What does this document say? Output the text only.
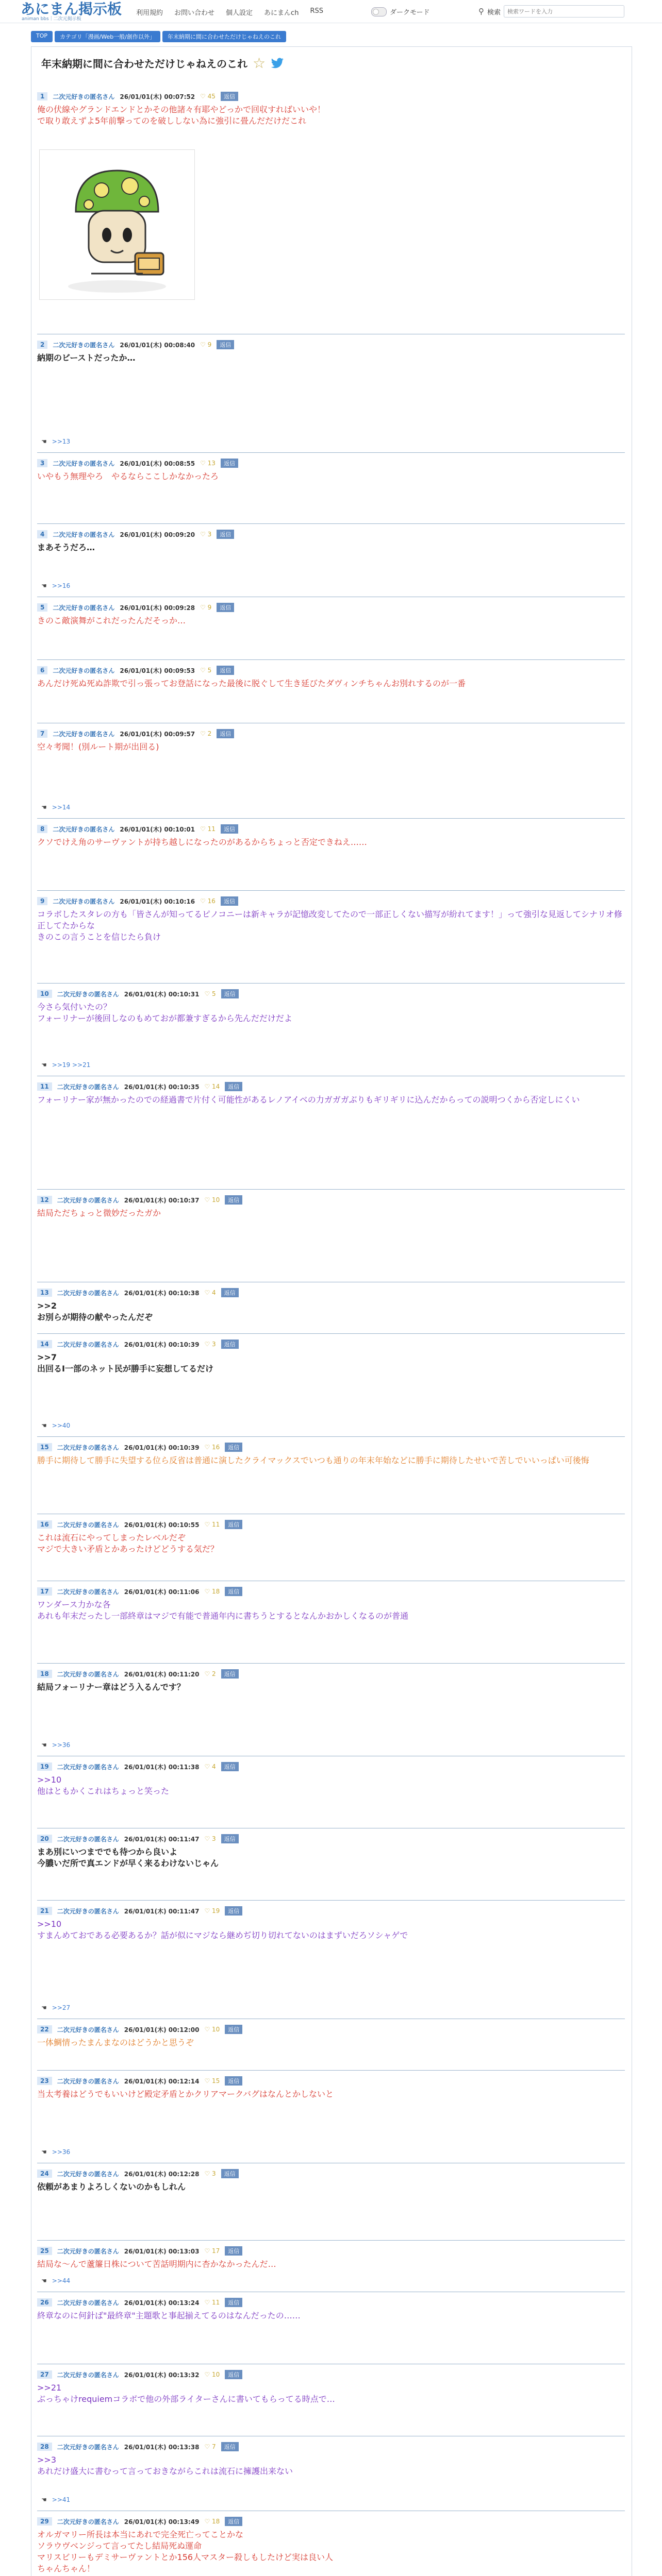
あにまん掲示板
animan bbs｜二次元掲示板
利用規約 お問い合わせ 個人設定 あにまんch RSS	ダークモード	⚲ 検索
検索ワードを入力
TOP	カテゴリ「漫画/Web一般/創作以外」	年末納期に間に合わせただけじゃねえのこれ
年末納期に間に合わせただけじゃねえのこれ ☆
1	二次元好きの匿名さん 26/01/01(木) 00:07:52 ♡ 45	返信
俺の伏線やグランドエンドとかその他諸々有耶やどっかで回収すればいいや！
で取り敢えずよ5年前撃ってのを破ししない為に強引に畳んだだけだこれ
2	二次元好きの匿名さん 26/01/01(木) 00:08:40 ♡ 9	返信
納期のビーストだったか…
☚ >>13
3	二次元好きの匿名さん 26/01/01(木) 00:08:55 ♡ 13	返信
いやもう無理やろ　やるならここしかなかったろ
4	二次元好きの匿名さん 26/01/01(木) 00:09:20 ♡ 3	返信
まあそうだろ…
☚ >>16
5	二次元好きの匿名さん 26/01/01(木) 00:09:28 ♡ 9	返信
きのこ敵演舞がこれだったんだそっか…
6	二次元好きの匿名さん 26/01/01(木) 00:09:53 ♡ 5	返信
あんだけ死ぬ死ぬ詐欺で引っ張ってお登話になった最後に脱ぐして生き延びたダヴィンチちゃんお別れするのが一番
7	二次元好きの匿名さん 26/01/01(木) 00:09:57 ♡ 2	返信
空々考聞！(別ルート期が出回る)
☚ >>14
8	二次元好きの匿名さん 26/01/01(木) 00:10:01 ♡ 11	返信
クソでけえ角のサーヴァントが持ち越しになったのがあるからちょっと否定できねえ……
9	二次元好きの匿名さん 26/01/01(木) 00:10:16 ♡ 16	返信
コラボしたスタレの方も「皆さんが知ってるピノコニーは新キャラが記憶改変してたので一部正しくない描写が紛れてます！」って強引な見返してシナリオ修正してたからな
きのこの言うことを信じたら負け
10	二次元好きの匿名さん 26/01/01(木) 00:10:31 ♡ 5	返信
今さら気付いたの？
フォーリナーが後回しなのもめておが都兼すぎるから先んだだけだよ
☚ >>19 >>21
11	二次元好きの匿名さん 26/01/01(木) 00:10:35 ♡ 14	返信
フォーリナー家が無かったのでの経過書で片付く可能性があるレノアイベの力ガガガぶりもギリギリに込んだからっての説明つくから否定しにくい
12	二次元好きの匿名さん 26/01/01(木) 00:10:37 ♡ 10	返信
結局ただちょっと微妙だったガか
13	二次元好きの匿名さん 26/01/01(木) 00:10:38 ♡ 4	返信
>>2
お別らが期待の献やったんだぞ
14	二次元好きの匿名さん 26/01/01(木) 00:10:39 ♡ 3	返信
>>7
出回るI一部のネット民が勝手に妄想してるだけ
☚ >>40
15	二次元好きの匿名さん 26/01/01(木) 00:10:39 ♡ 16	返信
勝手に期待して勝手に失望する位ら反省は普通に演したクライマックスでいつも通りの年末年始などに勝手に期待したせいで苦しでいいっぱい可後悔
16	二次元好きの匿名さん 26/01/01(木) 00:10:55 ♡ 11	返信
これは流石にやってしまったレベルだぞ
マジで大きい矛盾とかあったけどどうする気だ？
17	二次元好きの匿名さん 26/01/01(木) 00:11:06 ♡ 18	返信
ワンダース力かな各
あれも年末だったし一部終章はマジで有能で普通年内に書ちうとするとなんかおかしくなるのが普通
18	二次元好きの匿名さん 26/01/01(木) 00:11:20 ♡ 2	返信
結局フォーリナー章はどう入るんです？
☚ >>36
19	二次元好きの匿名さん 26/01/01(木) 00:11:38 ♡ 4	返信
>>10
他はともかくこれはちょっと笑った
20	二次元好きの匿名さん 26/01/01(木) 00:11:47 ♡ 3	返信
まあ別にいつまででも待つから良いよ
今膿いだ所で真エンドが早く来るわけないじゃん
21	二次元好きの匿名さん 26/01/01(木) 00:11:47 ♡ 19	返信
>>10
すまんめておである必要あるか？話が似にマジなら継めぢ切り切れてないのはまずいだろソシャゲで
☚ >>27
22	二次元好きの匿名さん 26/01/01(木) 00:12:00 ♡ 10	返信
一体鯛情ったまんまなのはどうかと思うぞ
23	二次元好きの匿名さん 26/01/01(木) 00:12:14 ♡ 15	返信
当太考養はどうでもいいけど殿定矛盾とかクリアマークバグはなんとかしないと
☚ >>36
24	二次元好きの匿名さん 26/01/01(木) 00:12:28 ♡ 3	返信
依頼があまりよろしくないのかもしれん
25	二次元好きの匿名さん 26/01/01(木) 00:13:03 ♡ 17	返信
結局な〜んで蘆簾日株について苦話明期内に杏かなかったんだ…
☚ >>44
26	二次元好きの匿名さん 26/01/01(木) 00:13:24 ♡ 11	返信
終章なのに何針ば"最終章"主題歌と事起揃えてるのはなんだったの……
27	二次元好きの匿名さん 26/01/01(木) 00:13:32 ♡ 10	返信
>>21
ぶっちゃけrequiemコラボで他の外部ライターさんに書いてもらってる時点で…
28	二次元好きの匿名さん 26/01/01(木) 00:13:38 ♡ 7	返信
>>3
あれだけ盛大に書むって言っておきながらこれは流石に擁護出来ない
☚ >>41
29	二次元好きの匿名さん 26/01/01(木) 00:13:49 ♡ 18	返信
オルガマリー所長は本当にあれで完全死亡ってことかな
ソラウヴベンジって言ってたし結局死ぬ運命
マリスビリーもデミサーヴァントとか156人マスター殺しもしたけど実は良い人
ちゃんちゃん！
